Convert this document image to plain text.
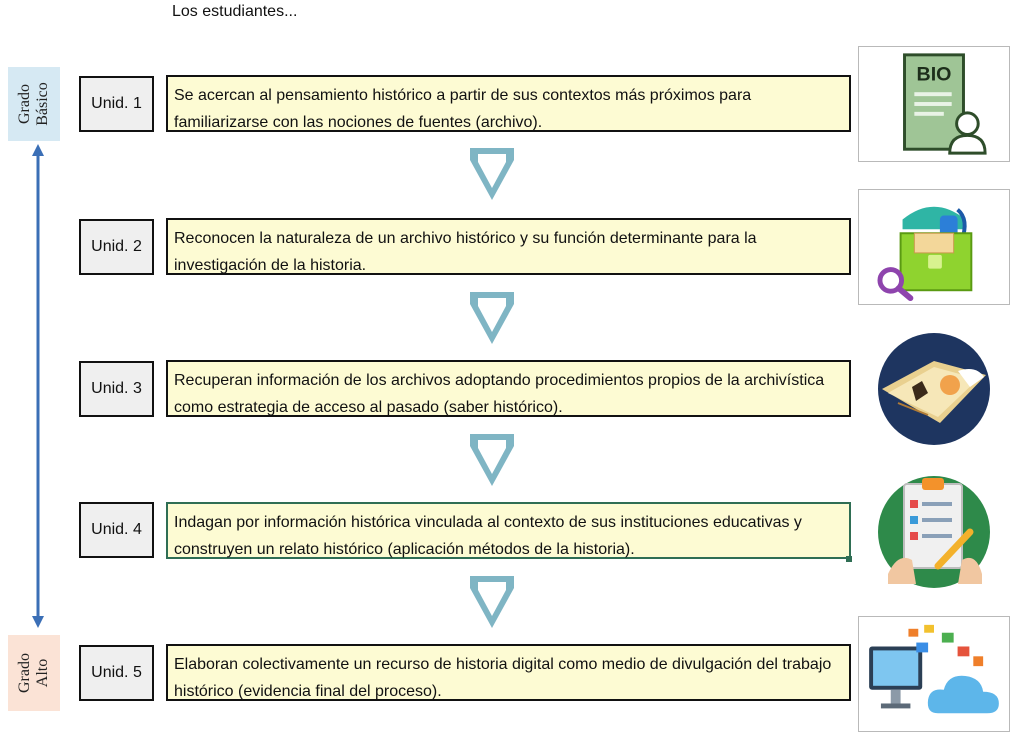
Los estudiantes...
Grado
Básico
Grado
Alto
Unid. 1	Se acercan al pensamiento histórico a partir de sus contextos más próximos para familiarizarse con las nociones de fuentes (archivo).
Unid. 2	Reconocen la naturaleza de un archivo histórico y su función determinante para la investigación de la historia.
Unid. 3	Recuperan información de los archivos adoptando procedimientos propios de la archivística como estrategia de acceso al pasado (saber histórico).
Unid. 4	Indagan por información histórica vinculada al contexto de sus instituciones educativas y construyen un relato histórico (aplicación métodos de la historia).
Unid. 5	Elaboran colectivamente un recurso de historia digital como medio de divulgación del trabajo histórico (evidencia final del proceso).
BIO
